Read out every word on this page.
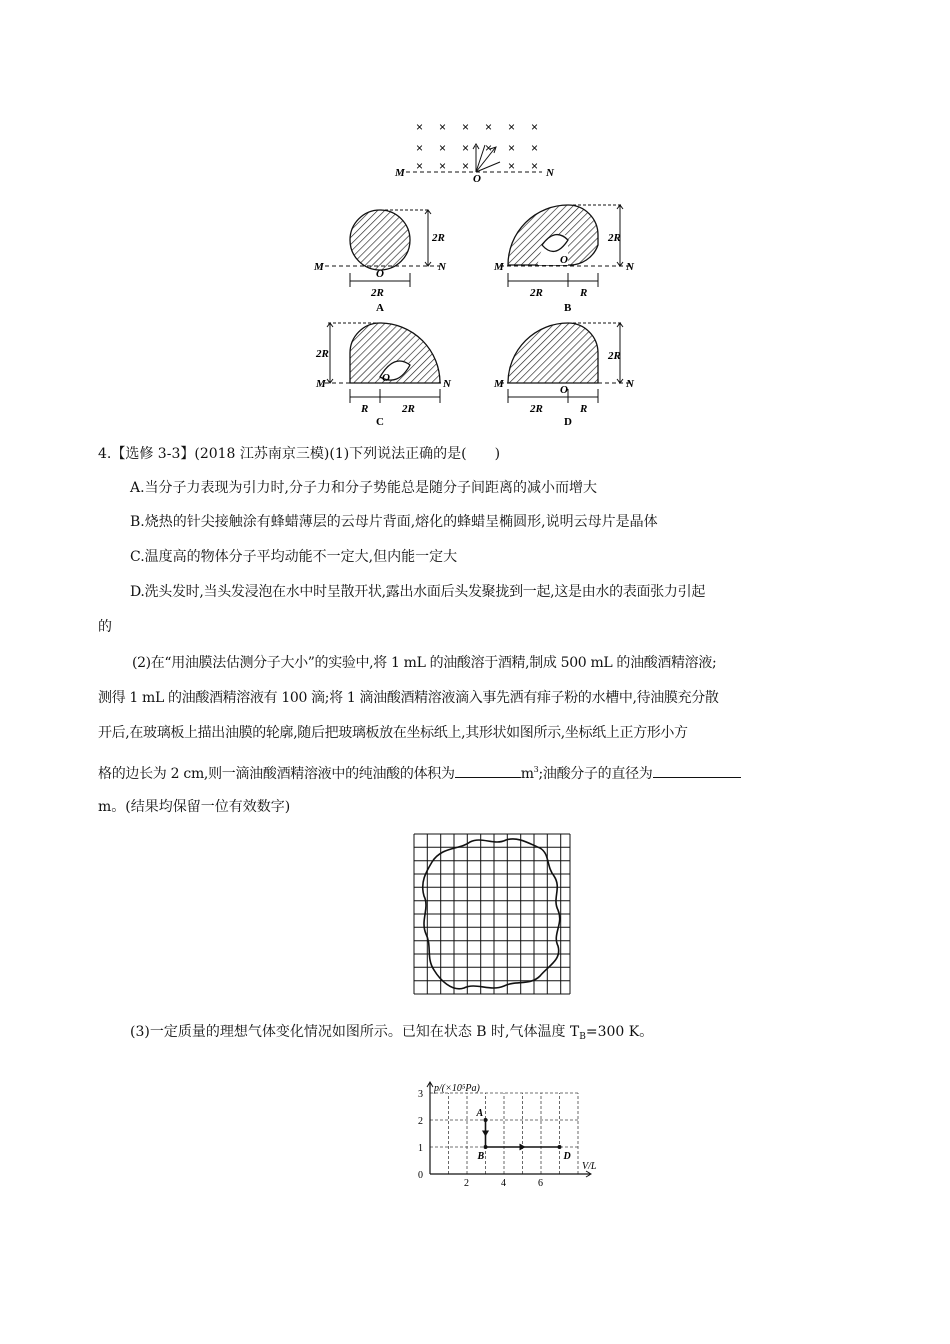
× × × × × ×
× × × × × ×
× × ×	× ×
M	O	N
2R
M
O
N
2R
A
2R
M
O
N
2R	R
B
2R
M	O	N
R	2R
C
2R
M	O	N
2R	R
D
4.【选修 3-3】(2018 江苏南京三模)(1)下列说法正确的是(　　)
A.当分子力表现为引力时,分子力和分子势能总是随分子间距离的减小而增大
B.烧热的针尖接触涂有蜂蜡薄层的云母片背面,熔化的蜂蜡呈椭圆形,说明云母片是晶体
C.温度高的物体分子平均动能不一定大,但内能一定大
D.洗头发时,当头发浸泡在水中时呈散开状,露出水面后头发聚拢到一起,这是由水的表面张力引起
的
(2)在“用油膜法估测分子大小”的实验中,将 1 mL 的油酸溶于酒精,制成 500 mL 的油酸酒精溶液;
测得 1 mL 的油酸酒精溶液有 100 滴;将 1 滴油酸酒精溶液滴入事先洒有痱子粉的水槽中,待油膜充分散
开后,在玻璃板上描出油膜的轮廓,随后把玻璃板放在坐标纸上,其形状如图所示,坐标纸上正方形小方
格的边长为 2 cm,则一滴油酸酒精溶液中的纯油酸的体积为	$m^3$;油酸分子的直径为
m。(结果均保留一位有效数字)
(3)一定质量的理想气体变化情况如图所示。已知在状态 B 时,气体温度 $T_B=300$ K。
2	4	6
1
2
3
0
p/(×10⁵Pa)
V/L
A
B	D
